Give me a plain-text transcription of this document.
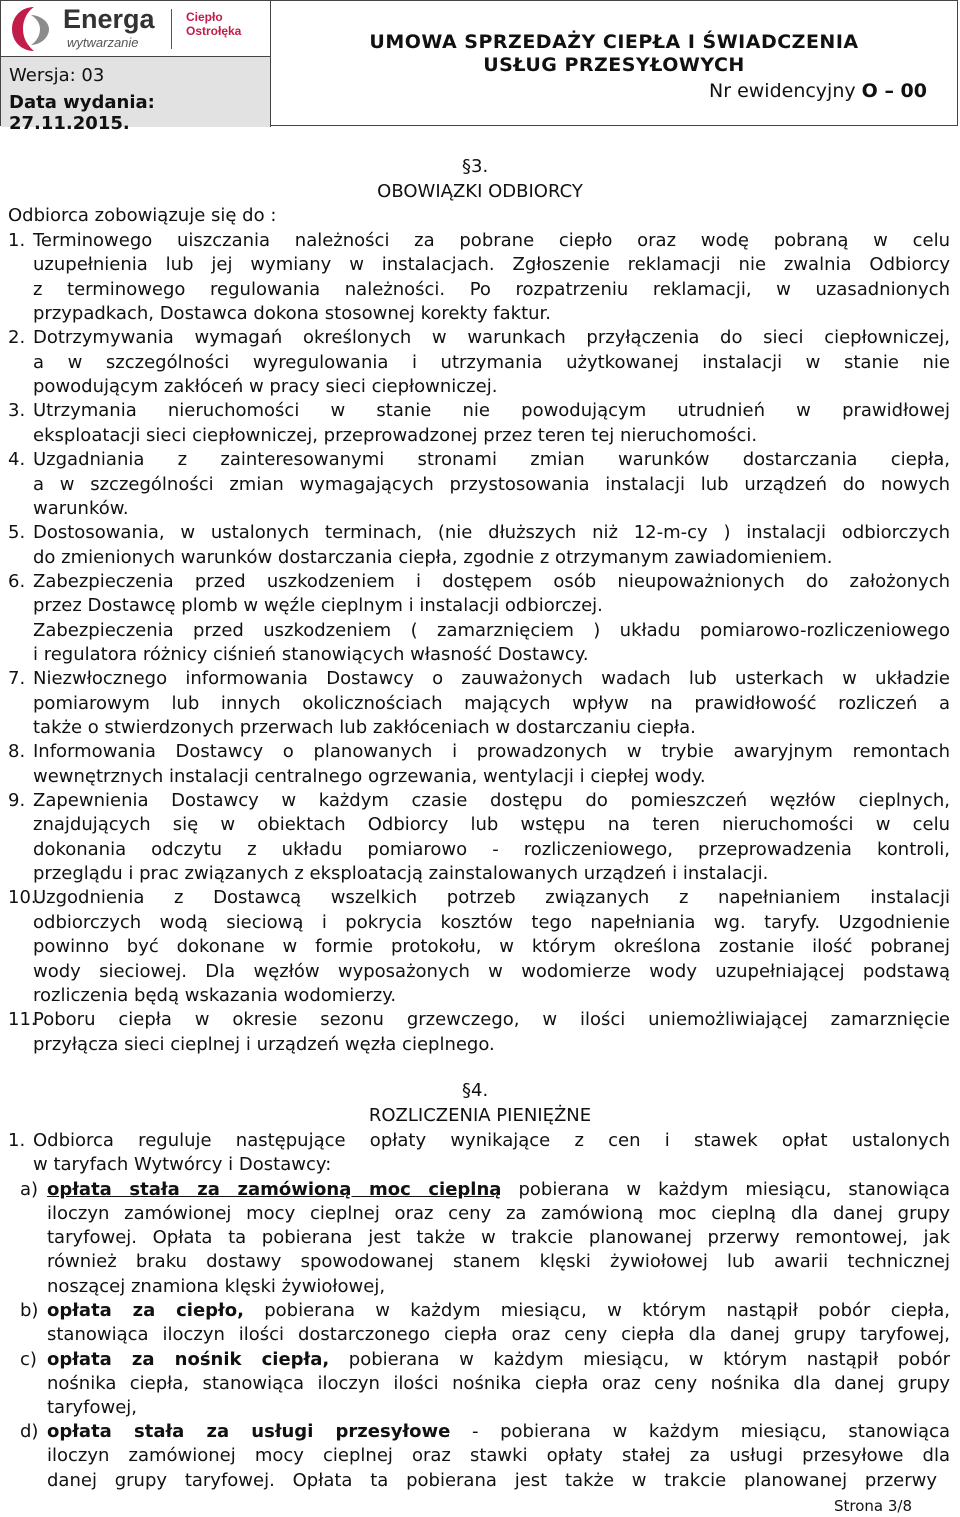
Energa
wytwarzanie
Ciepło
Ostrołęka
Wersja: 03
Data wydania: 27.11.2015.
UMOWA SPRZEDAŻY CIEPŁA I ŚWIADCZENIA
USŁUG PRZESYŁOWYCH
Nr ewidencyjny O – 00
§3.
OBOWIĄZKI ODBIORCY
Odbiorca zobowiązuje się do :
1. Terminowego uiszczania należności za pobrane ciepło oraz wodę pobraną w celu
uzupełnienia lub jej wymiany w instalacjach. Zgłoszenie reklamacji nie zwalnia Odbiorcy
z terminowego regulowania należności. Po rozpatrzeniu reklamacji, w uzasadnionych
przypadkach, Dostawca dokona stosownej korekty faktur.
2. Dotrzymywania wymagań określonych w warunkach przyłączenia do sieci ciepłowniczej,
a w szczególności wyregulowania i utrzymania użytkowanej instalacji w stanie nie
powodującym zakłóceń w pracy sieci ciepłowniczej.
3. Utrzymania nieruchomości w stanie nie powodującym utrudnień w prawidłowej
eksploatacji sieci ciepłowniczej, przeprowadzonej przez teren tej nieruchomości.
4. Uzgadniania z zainteresowanymi stronami zmian warunków dostarczania ciepła,
a w szczególności zmian wymagających przystosowania instalacji lub urządzeń do nowych
warunków.
5. Dostosowania, w ustalonych terminach, (nie dłuższych niż 12-m-cy ) instalacji odbiorczych
do zmienionych warunków dostarczania ciepła, zgodnie z otrzymanym zawiadomieniem.
6. Zabezpieczenia przed uszkodzeniem i dostępem osób nieupoważnionych do założonych
przez Dostawcę plomb w węźle cieplnym i instalacji odbiorczej.
Zabezpieczenia przed uszkodzeniem ( zamarznięciem ) układu pomiarowo-rozliczeniowego
i regulatora różnicy ciśnień stanowiących własność Dostawcy.
7. Niezwłocznego informowania Dostawcy o zauważonych wadach lub usterkach w układzie
pomiarowym lub innych okolicznościach mających wpływ na prawidłowość rozliczeń a
także o stwierdzonych przerwach lub zakłóceniach w dostarczaniu ciepła.
8. Informowania Dostawcy o planowanych i prowadzonych w trybie awaryjnym remontach
wewnętrznych instalacji centralnego ogrzewania, wentylacji i ciepłej wody.
9. Zapewnienia Dostawcy w każdym czasie dostępu do pomieszczeń węzłów cieplnych,
znajdujących się w obiektach Odbiorcy lub wstępu na teren nieruchomości w celu
dokonania odczytu z układu pomiarowo - rozliczeniowego, przeprowadzenia kontroli,
przeglądu i prac związanych z eksploatacją zainstalowanych urządzeń i instalacji.
10.
Uzgodnienia z Dostawcą wszelkich potrzeb związanych z napełnianiem instalacji
odbiorczych wodą sieciową i pokrycia kosztów tego napełniania wg. taryfy. Uzgodnienie
powinno być dokonane w formie protokołu, w którym określona zostanie ilość pobranej
wody sieciowej. Dla węzłów wyposażonych w wodomierze wody uzupełniającej podstawą
rozliczenia będą wskazania wodomierzy.
11.
Poboru ciepła w okresie sezonu grzewczego, w ilości uniemożliwiającej zamarznięcie
przyłącza sieci cieplnej i urządzeń węzła cieplnego.
§4.
ROZLICZENIA PIENIĘŻNE
1. Odbiorca reguluje następujące opłaty wynikające z cen i stawek opłat ustalonych
w taryfach Wytwórcy i Dostawcy:
a) opłata stała za zamówioną moc cieplną pobierana w każdym miesiącu, stanowiąca
iloczyn zamówionej mocy cieplnej oraz ceny za zamówioną moc cieplną dla danej grupy
taryfowej. Opłata ta pobierana jest także w trakcie planowanej przerwy remontowej, jak
również braku dostawy spowodowanej stanem klęski żywiołowej lub awarii technicznej
noszącej znamiona klęski żywiołowej,
b) opłata za ciepło, pobierana w każdym miesiącu, w którym nastąpił pobór ciepła,
stanowiąca iloczyn ilości dostarczonego ciepła oraz ceny ciepła dla danej grupy taryfowej,
c) opłata za nośnik ciepła, pobierana w każdym miesiącu, w którym nastąpił pobór
nośnika ciepła, stanowiąca iloczyn ilości nośnika ciepła oraz ceny nośnika dla danej grupy
taryfowej,
d) opłata stała za usługi przesyłowe - pobierana w każdym miesiącu, stanowiąca
iloczyn zamówionej mocy cieplnej oraz stawki opłaty stałej za usługi przesyłowe dla
danej grupy taryfowej. Opłata ta pobierana jest także w trakcie planowanej przerwy
Strona 3/8
